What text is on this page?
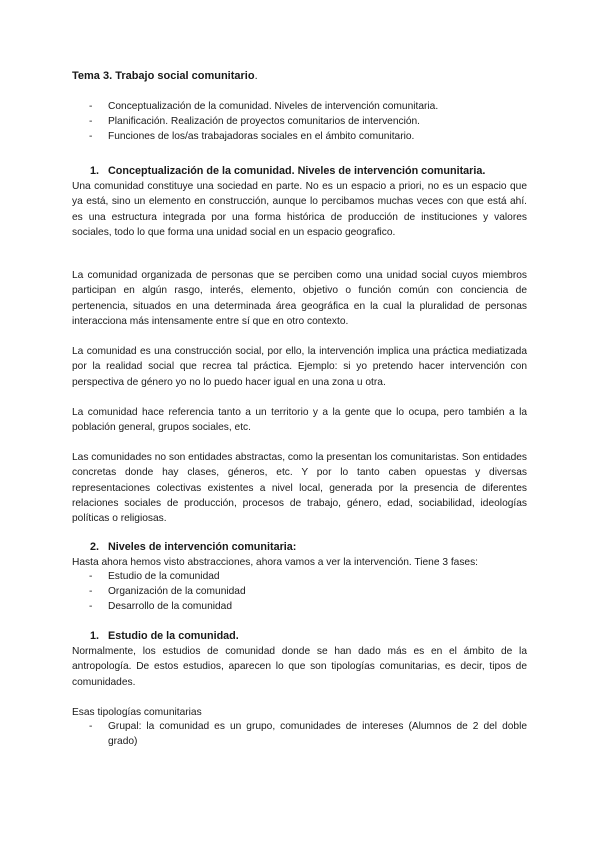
Tema 3. Trabajo social comunitario.
- Conceptualización de la comunidad. Niveles de intervención comunitaria.
- Planificación. Realización de proyectos comunitarios de intervención.
- Funciones de los/as trabajadoras sociales en el ámbito comunitario.
1. Conceptualización de la comunidad. Niveles de intervención comunitaria.

Una comunidad constituye una sociedad en parte. No es un espacio a priori, no es un espacio que ya está, sino un elemento en construcción, aunque lo percibamos muchas veces con que está ahí. es una estructura integrada por una forma histórica de producción de instituciones y valores sociales, todo lo que forma una unidad social en un espacio geografico.

La comunidad organizada de personas que se perciben como una unidad social cuyos miembros participan en algún rasgo, interés, elemento, objetivo o función común con conciencia de pertenencia, situados en una determinada área geográfica en la cual la pluralidad de personas interacciona más intensamente entre sí que en otro contexto.

La comunidad es una construcción social, por ello, la intervención implica una práctica mediatizada por la realidad social que recrea tal práctica. Ejemplo: si yo pretendo hacer intervención con perspectiva de género yo no lo puedo hacer igual en una zona u otra.

La comunidad hace referencia tanto a un territorio y a la gente que lo ocupa, pero también a la población general, grupos sociales, etc.

Las comunidades no son entidades abstractas, como la presentan los comunitaristas. Son entidades concretas donde hay clases, géneros, etc. Y por lo tanto caben opuestas y diversas representaciones colectivas existentes a nivel local, generada por la presencia de diferentes relaciones sociales de producción, procesos de trabajo, género, edad, sociabilidad, ideologías políticas o religiosas.

2. Niveles de intervención comunitaria:

Hasta ahora hemos visto abstracciones, ahora vamos a ver la intervención. Tiene 3 fases:

- Estudio de la comunidad
- Organización de la comunidad
- Desarrollo de la comunidad
1. Estudio de la comunidad.

Normalmente, los estudios de comunidad donde se han dado más es en el ámbito de la antropología. De estos estudios, aparecen lo que son tipologías comunitarias, es decir, tipos de comunidades.

Esas tipologías comunitarias

- Grupal: la comunidad es un grupo, comunidades de intereses (Alumnos de 2 del doble grado)
